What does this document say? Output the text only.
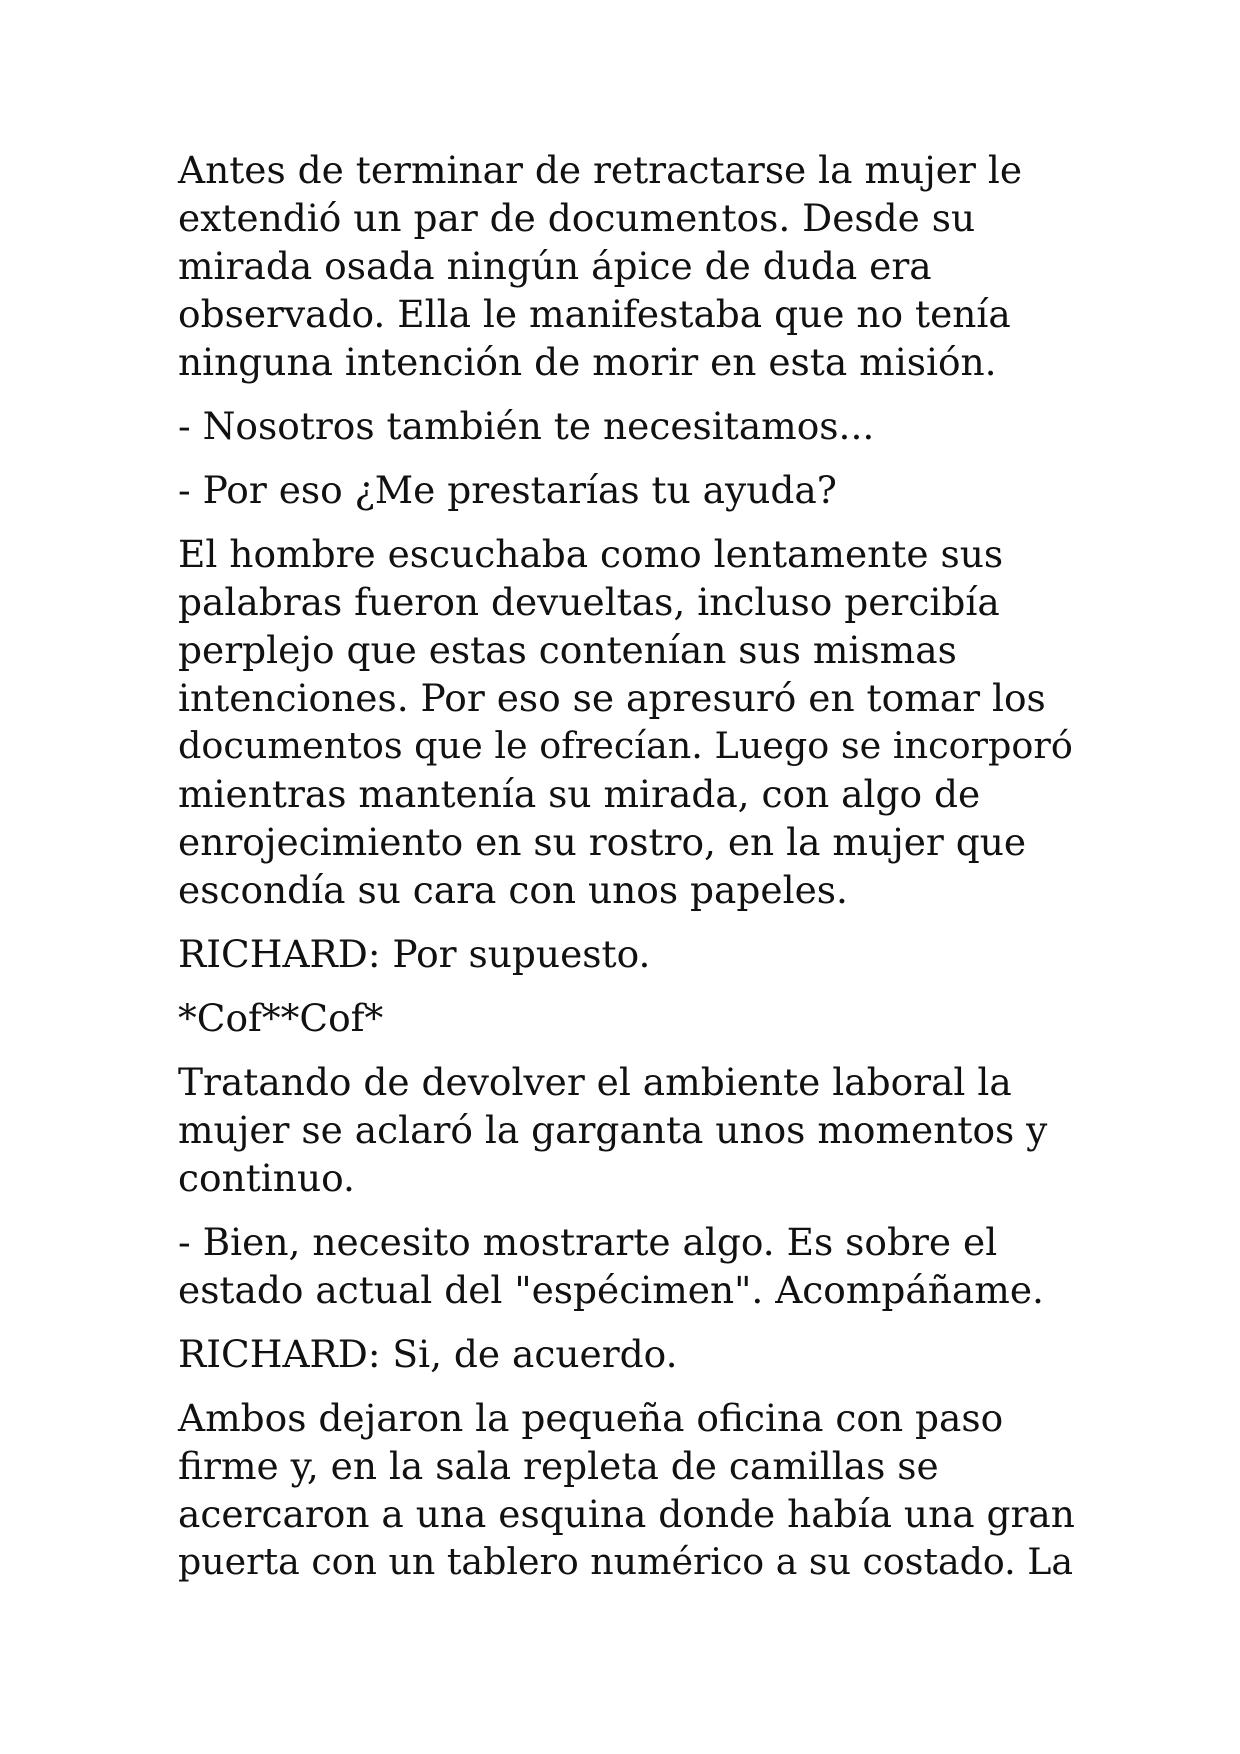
Antes de terminar de retractarse la mujer le
extendió un par de documentos. Desde su
mirada osada ningún ápice de duda era
observado. Ella le manifestaba que no tenía
ninguna intención de morir en esta misión.

- Nosotros también te necesitamos...

- Por eso ¿Me prestarías tu ayuda?

El hombre escuchaba como lentamente sus
palabras fueron devueltas, incluso percibía
perplejo que estas contenían sus mismas
intenciones. Por eso se apresuró en tomar los
documentos que le ofrecían. Luego se incorporó
mientras mantenía su mirada, con algo de
enrojecimiento en su rostro, en la mujer que
escondía su cara con unos papeles.

RICHARD: Por supuesto.

*Cof**Cof*

Tratando de devolver el ambiente laboral la
mujer se aclaró la garganta unos momentos y
continuo.

- Bien, necesito mostrarte algo. Es sobre el
estado actual del "espécimen". Acompáñame.

RICHARD: Si, de acuerdo.

Ambos dejaron la pequeña oficina con paso
firme y, en la sala repleta de camillas se
acercaron a una esquina donde había una gran
puerta con un tablero numérico a su costado. La
